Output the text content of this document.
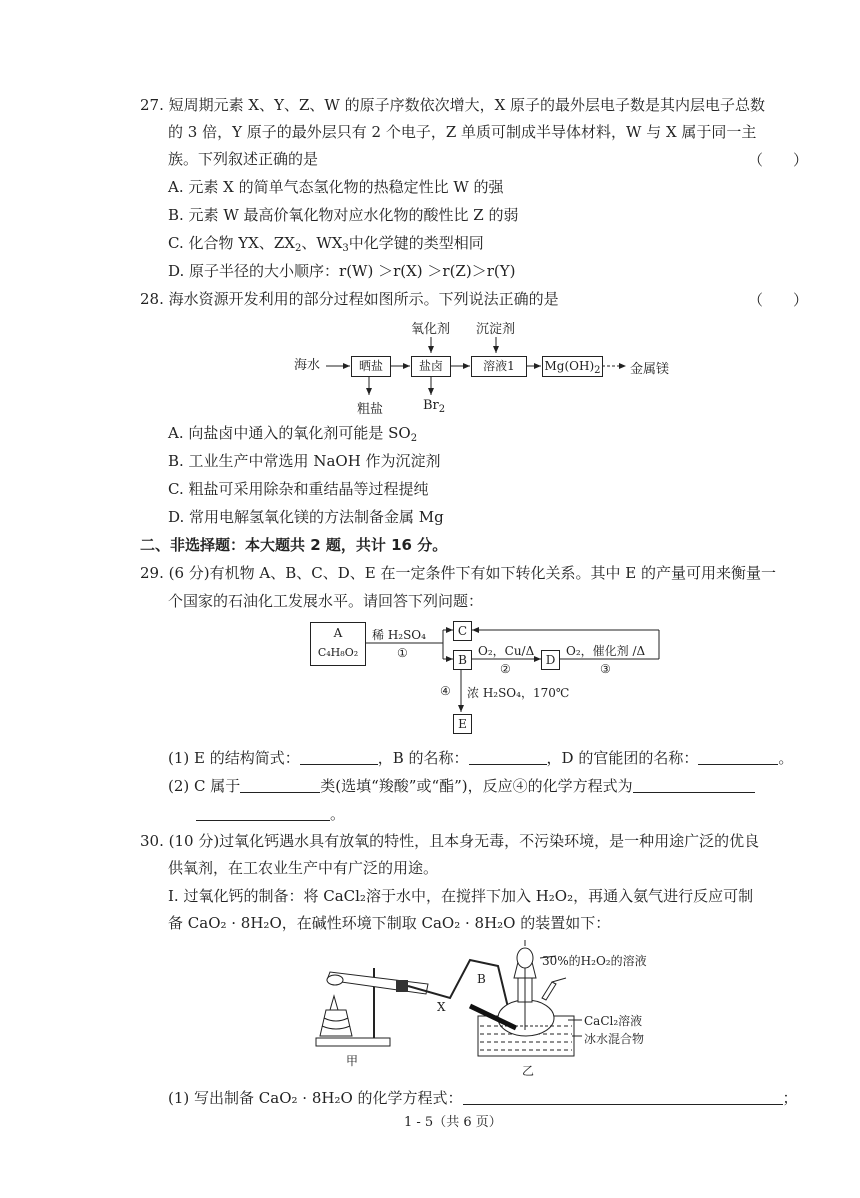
27. 短周期元素 X、Y、Z、W 的原子序数依次增大，X 原子的最外层电子数是其内层电子总数
的 3 倍，Y 原子的最外层只有 2 个电子，Z 单质可制成半导体材料，W 与 X 属于同一主
族。下列叙述正确的是	（　　）
A. 元素 X 的简单气态氢化物的热稳定性比 W 的强
B. 元素 W 最高价氧化物对应水化物的酸性比 Z 的弱
C. 化合物 YX、$ZX_2$、$WX_3$中化学键的类型相同
D. 原子半径的大小顺序：r(W) ＞r(X) ＞r(Z)＞r(Y)
28. 海水资源开发利用的部分过程如图所示。下列说法正确的是	（　　）
海水	晒盐	盐卤	溶液1	$Mg(OH)_2$ 金属镁
氧化剂 沉淀剂
粗盐	$Br_2$
A. 向盐卤中通入的氧化剂可能是 $SO_2$
B. 工业生产中常选用 NaOH 作为沉淀剂
C. 粗盐可采用除杂和重结晶等过程提纯
D. 常用电解氢氧化镁的方法制备金属 Mg
二、非选择题：本大题共 2 题，共计 16 分。
29. (6 分)有机物 A、B、C、D、E 在一定条件下有如下转化关系。其中 E 的产量可用来衡量一
个国家的石油化工发展水平。请回答下列问题：
A
C₄H₈O₂
C
B	D
E
稀 H₂SO₄
①	O₂，Cu/Δ
②
O₂，催化剂 /Δ
③
④ 浓 H₂SO₄，170℃
(1) E 的结构简式：	，B 的名称：	，D 的官能团的名称：	。
(2) C 属于	类(选填“羧酸”或“酯”)，反应④的化学方程式为
。
30. (10 分)过氧化钙遇水具有放氧的特性，且本身无毒，不污染环境，是一种用途广泛的优良
供氧剂，在工农业生产中有广泛的用途。
Ⅰ. 过氧化钙的制备：将 CaCl₂溶于水中，在搅拌下加入 H₂O₂，再通入氨气进行反应可制
备 CaO₂ · 8H₂O，在碱性环境下制取 CaO₂ · 8H₂O 的装置如下：
30%的H₂O₂的溶液
B
X
CaCl₂溶液
冰水混合物
甲
乙
(1) 写出制备 CaO₂ · 8H₂O 的化学方程式：	；
1 - 5（共 6 页）
